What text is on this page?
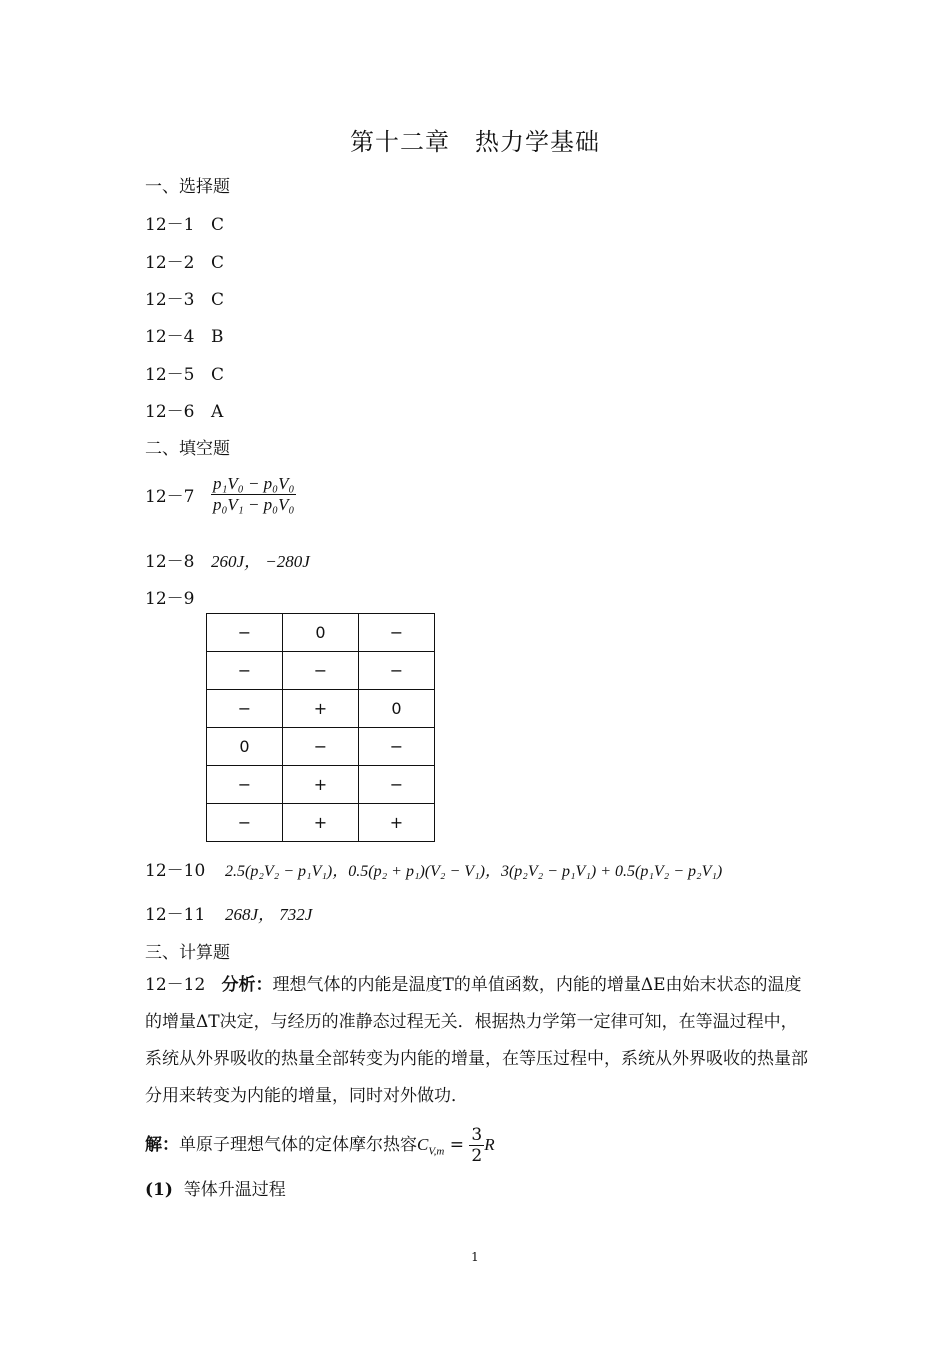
第十二章　热力学基础
一、选择题
12－1 C
12－2 C
12－3 C
12－4 B
12－5 C
12－6 A
二、填空题
$12-7 \frac{\text{p₁V₀ − p₀V₀}}{\text{p₀V₁ − p₀V₀}}$
12－8 260J， −280J
12－9
−	0	−
−	−	−
−	+	0
0	−	−
−	+	−
−	+	+
12－10 2.5(p₂V₂ − p₁V₁)，0.5(p₂ + p₁)(V₂ − V₁)，3(p₂V₂ − p₁V₁) + 0.5(p₁V₂ − p₂V₁)
12－11 268J， 732J
三、计算题
12－12 分析：理想气体的内能是温度T的单值函数，内能的增量ΔE由始末状态的温度的增量ΔT决定，与经历的准静态过程无关．根据热力学第一定律可知，在等温过程中，系统从外界吸收的热量全部转变为内能的增量，在等压过程中，系统从外界吸收的热量部分用来转变为内能的增量，同时对外做功．
解：单原子理想气体的定体摩尔热容$C_{V,m} = \frac{3}{2}$ R
(1) 等体升温过程
1
